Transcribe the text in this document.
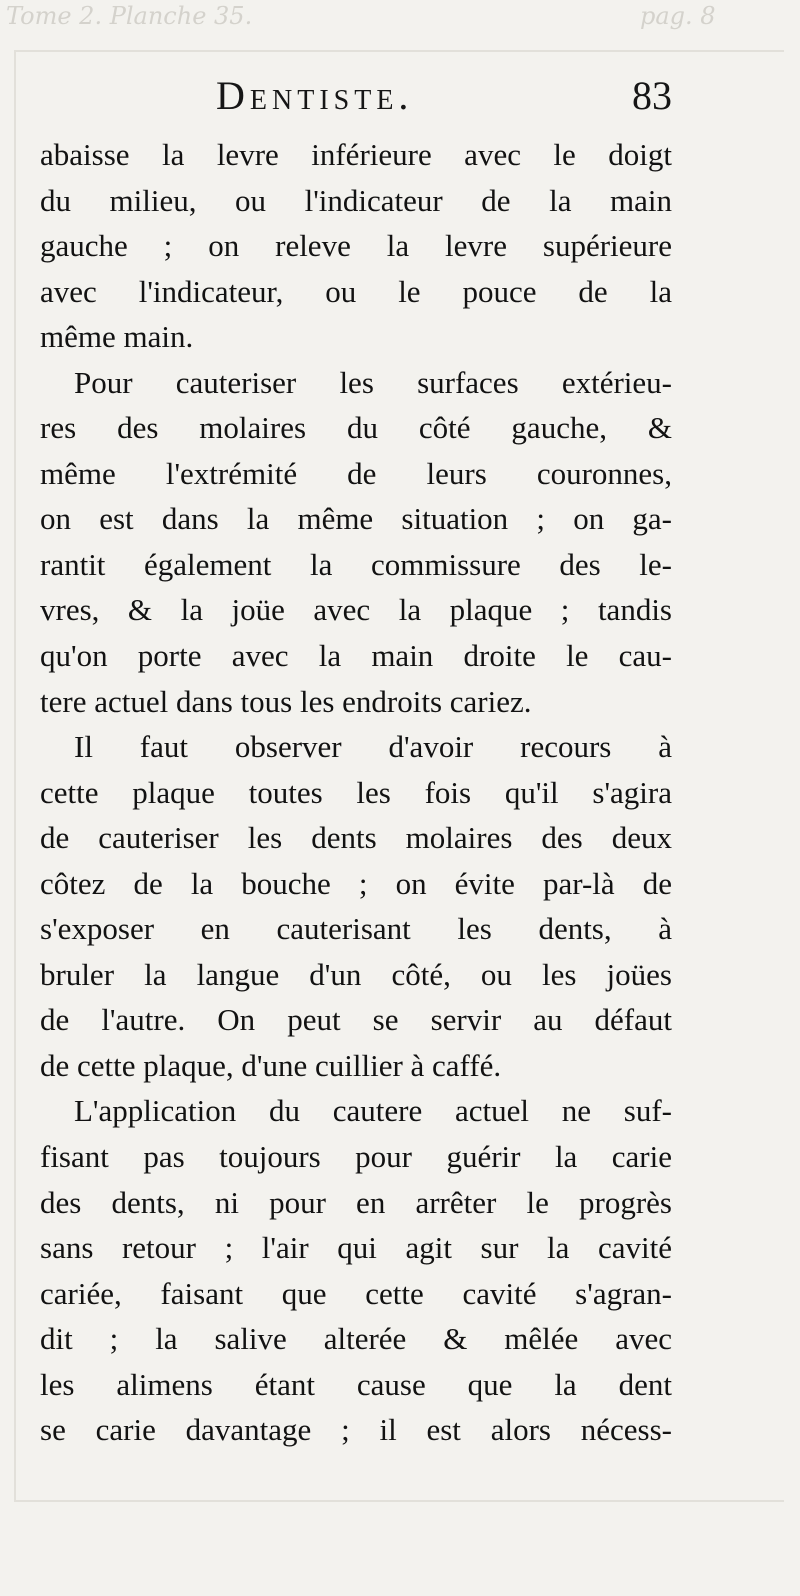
Tome 2. Planche 35.	pag. 8
Dentiste.	83
abaisse la levre inférieure avec le doigt
du milieu, ou l'indicateur de la main
gauche ; on releve la levre supérieure
avec l'indicateur, ou le pouce de la
même main.
Pour cauteriser les surfaces extérieu-
res des molaires du côté gauche, &
même l'extrémité de leurs couronnes,
on est dans la même situation ; on ga-
rantit également la commissure des le-
vres, & la joüe avec la plaque ; tandis
qu'on porte avec la main droite le cau-
tere actuel dans tous les endroits cariez.
Il faut observer d'avoir recours à
cette plaque toutes les fois qu'il s'agira
de cauteriser les dents molaires des deux
côtez de la bouche ; on évite par-là de
s'exposer en cauterisant les dents, à
bruler la langue d'un côté, ou les joües
de l'autre. On peut se servir au défaut
de cette plaque, d'une cuillier à caffé.
L'application du cautere actuel ne suf-
fisant pas toujours pour guérir la carie
des dents, ni pour en arrêter le progrès
sans retour ; l'air qui agit sur la cavité
cariée, faisant que cette cavité s'agran-
dit ; la salive alterée & mêlée avec
les alimens étant cause que la dent
se carie davantage ; il est alors nécess-
